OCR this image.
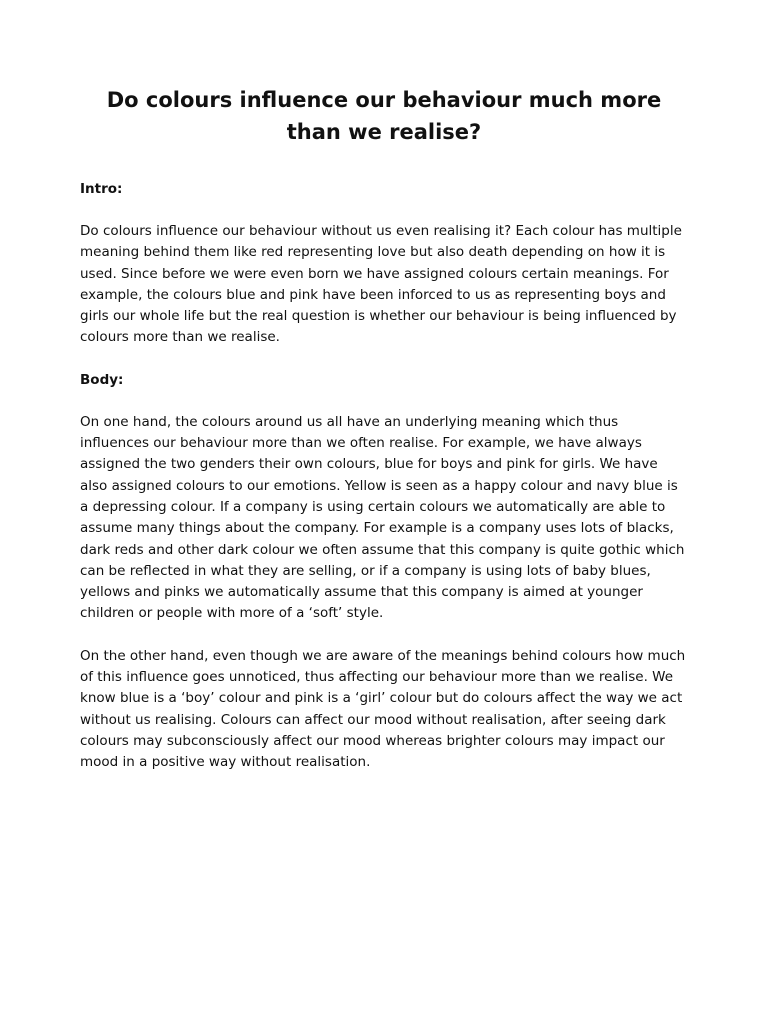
Do colours influence our behaviour much more than we realise?
Intro:

Do colours influence our behaviour without us even realising it? Each colour has multiple meaning behind them like red representing love but also death depending on how it is used. Since before we were even born we have assigned colours certain meanings. For example, the colours blue and pink have been inforced to us as representing boys and girls our whole life but the real question is whether our behaviour is being influenced by colours more than we realise.

Body:

On one hand, the colours around us all have an underlying meaning which thus influences our behaviour more than we often realise. For example, we have always assigned the two genders their own colours, blue for boys and pink for girls. We have also assigned colours to our emotions. Yellow is seen as a happy colour and navy blue is a depressing colour. If a company is using certain colours we automatically are able to assume many things about the company. For example is a company uses lots of blacks, dark reds and other dark colour we often assume that this company is quite gothic which can be reflected in what they are selling, or if a company is using lots of baby blues, yellows and pinks we automatically assume that this company is aimed at younger children or people with more of a ‘soft’ style.

On the other hand, even though we are aware of the meanings behind colours how much of this influence goes unnoticed, thus affecting our behaviour more than we realise. We know blue is a ‘boy’ colour and pink is a ‘girl’ colour but do colours affect the way we act without us realising. Colours can affect our mood without realisation, after seeing dark colours may subconsciously affect our mood whereas brighter colours may impact our mood in a positive way without realisation.
